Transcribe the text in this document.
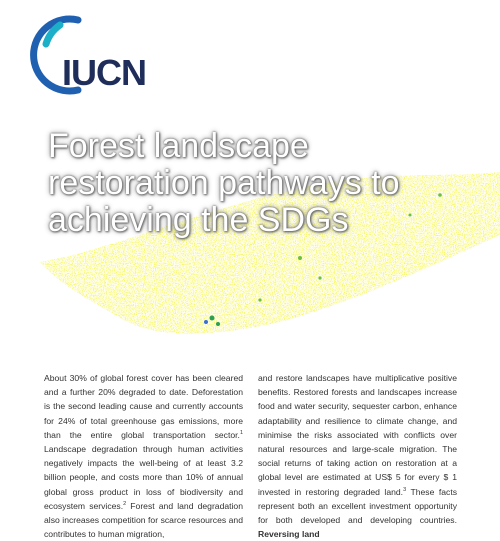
IUCN
Forest landscape
restoration pathways to
achieving the SDGs

About 30% of global forest cover has been cleared and a further 20% degraded to date. Deforestation is the second leading cause and currently accounts for 24% of total greenhouse gas emissions, more than the entire global transportation sector.$^1$ Landscape degradation through human activities negatively impacts the well-being of at least 3.2 billion people, and costs more than 10% of annual global gross product in loss of biodiversity and ecosystem services.$^2$ Forest and land degradation also increases competition for scarce resources and contributes to human migration,

and restore landscapes have multiplicative positive benefits. Restored forests and landscapes increase food and water security, sequester carbon, enhance adaptability and resilience to climate change, and minimise the risks associated with conflicts over natural resources and large-scale migration. The social returns of taking action on restoration at a global level are estimated at US$ 5 for every $ 1 invested in restoring degraded land.$^3$ These facts represent both an excellent investment opportunity for both developed and developing countries. Reversing land
